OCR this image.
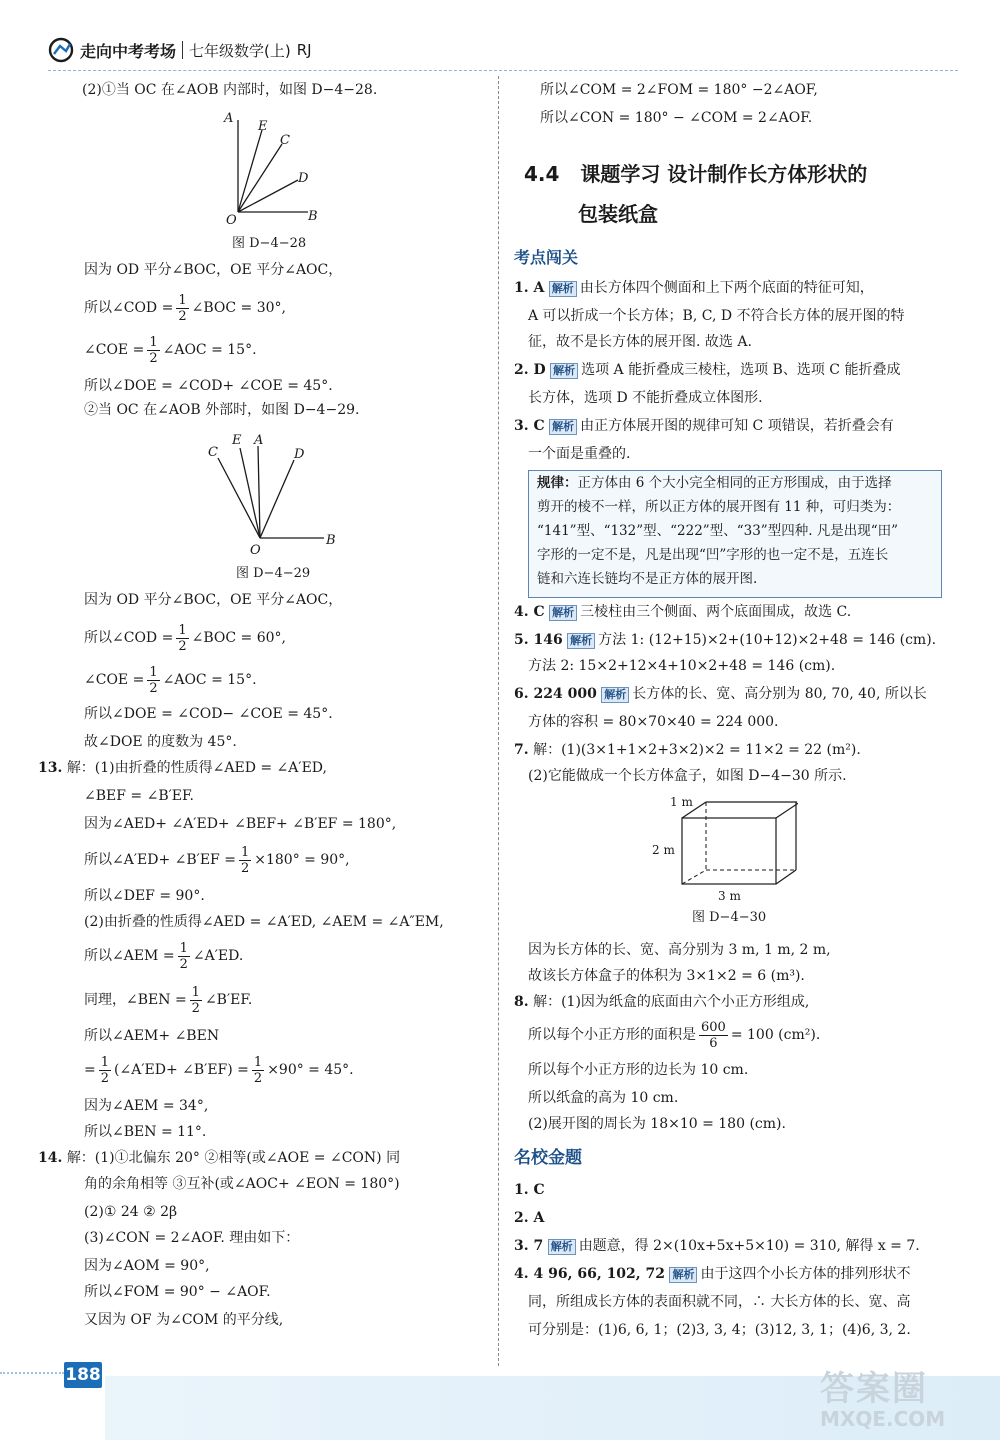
走向中考考场 七年级数学(上) RJ
(2)①当 OC 在∠AOB 内部时，如图 D−4−28.
A
E
C
D
O	B
图 D−4−28
因为 OD 平分∠BOC，OE 平分∠AOC，
所以∠COD = $\frac{1}{2}$ ∠BOC = 30°,
∠COE = $\frac{1}{2}$ ∠AOC = 15°.
所以∠DOE = ∠COD+ ∠COE = 45°.
②当 OC 在∠AOB 外部时，如图 D−4−29.
C
E A
D
O
B
图 D−4−29
因为 OD 平分∠BOC，OE 平分∠AOC，
所以∠COD = $\frac{1}{2}$ ∠BOC = 60°,
∠COE = $\frac{1}{2}$ ∠AOC = 15°.
所以∠DOE = ∠COD− ∠COE = 45°.
故∠DOE 的度数为 45°.
13. 解：(1)由折叠的性质得∠AED = ∠A′ED,
∠BEF = ∠B′EF.
因为∠AED+ ∠A′ED+ ∠BEF+ ∠B′EF = 180°,
所以∠A′ED+ ∠B′EF = $\frac{1}{2} \times 180^\circ = 90^\circ$,
所以∠DEF = 90°.
(2)由折叠的性质得∠AED = ∠A′ED, ∠AEM = ∠A″EM,
所以∠AEM = $\frac{1}{2}$ ∠A′ED.
同理，∠BEN = $\frac{1}{2}$ ∠B′EF.
所以∠AEM+ ∠BEN
= $\frac{1}{2}$ (∠A′ED+ ∠B′EF) = $\frac{1}{2} \times 90^\circ = 45^\circ$.
因为∠AEM = 34°,
所以∠BEN = 11°.
14. 解：(1)①北偏东 20° ②相等(或∠AOE = ∠CON) 同
角的余角相等 ③互补(或∠AOC+ ∠EON = 180°)
(2)① 24 ② 2β
(3)∠CON = 2∠AOF. 理由如下：
因为∠AOM = 90°,
所以∠FOM = 90° − ∠AOF.
又因为 OF 为∠COM 的平分线,
所以∠COM = 2∠FOM = 180° −2∠AOF,
所以∠CON = 180° − ∠COM = 2∠AOF.
4.4 课题学习 设计制作长方体形状的
包装纸盒
考点闯关
1. A 解析 由长方体四个侧面和上下两个底面的特征可知，
A 可以折成一个长方体；B, C, D 不符合长方体的展开图的特
征，故不是长方体的展开图. 故选 A.
2. D 解析 选项 A 能折叠成三棱柱，选项 B、选项 C 能折叠成
长方体，选项 D 不能折叠成立体图形.
3. C 解析 由正方体展开图的规律可知 C 项错误，若折叠会有
一个面是重叠的.
规律：正方体由 6 个大小完全相同的正方形围成，由于选择
剪开的棱不一样，所以正方体的展开图有 11 种，可归类为：
“141”型、“132”型、“222”型、“33”型四种. 凡是出现“田”
字形的一定不是，凡是出现“凹”字形的也一定不是，五连长
链和六连长链均不是正方体的展开图.
4. C 解析 三棱柱由三个侧面、两个底面围成，故选 C.
5. 146 解析 方法 1: (12+15)×2+(10+12)×2+48 = 146 (cm).
方法 2: 15×2+12×4+10×2+48 = 146 (cm).
6. 224 000 解析 长方体的长、宽、高分别为 80, 70, 40, 所以长
方体的容积 = 80×70×40 = 224 000.
7. 解：(1)(3×1+1×2+3×2)×2 = 11×2 = 22 (m²).
(2)它能做成一个长方体盒子，如图 D−4−30 所示.
1 m
2 m
3 m
图 D−4−30
因为长方体的长、宽、高分别为 3 m, 1 m, 2 m,
故该长方体盒子的体积为 3×1×2 = 6 (m³).
8. 解：(1)因为纸盒的底面由六个小正方形组成,
所以每个小正方形的面积是 $\frac{600}{6} = 100$ (cm²).
所以每个小正方形的边长为 10 cm.
所以纸盒的高为 10 cm.
(2)展开图的周长为 18×10 = 180 (cm).
名校金题
1. C
2. A
3. 7 解析 由题意，得 2×(10x+5x+5×10) = 310, 解得 x = 7.
4. 4 96, 66, 102, 72 解析 由于这四个小长方体的排列形状不
同，所组成长方体的表面积就不同，∴ 大长方体的长、宽、高
可分别是：(1)6, 6, 1；(2)3, 3, 4；(3)12, 3, 1；(4)6, 3, 2.
188	答案圈
MXQE.COM
